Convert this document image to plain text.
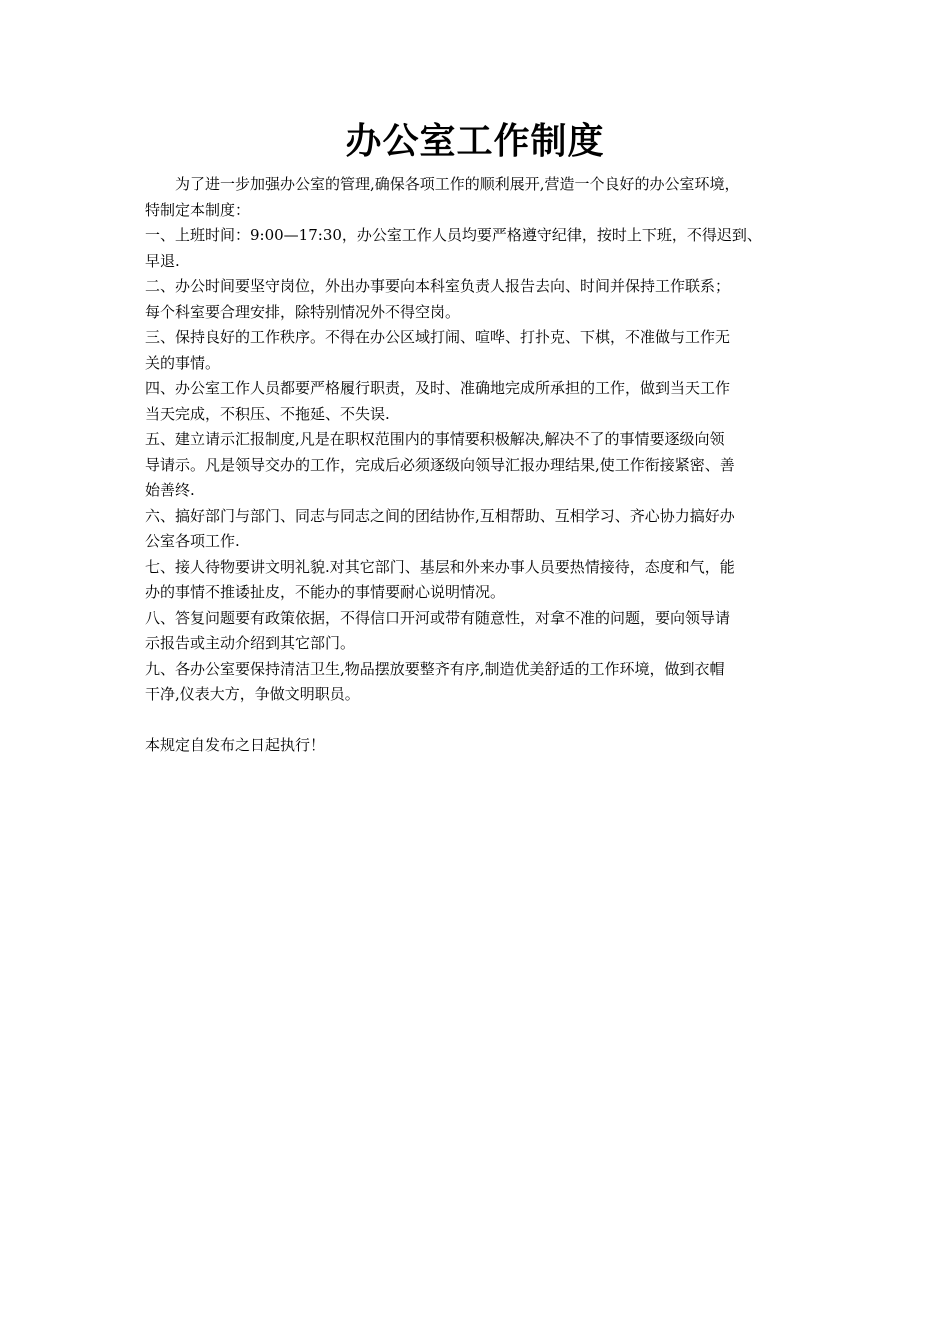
办公室工作制度
为了进一步加强办公室的管理,确保各项工作的顺利展开,营造一个良好的办公室环境，
特制定本制度：
一、上班时间：9:00—17:30，办公室工作人员均要严格遵守纪律，按时上下班，不得迟到、
早退.
二、办公时间要坚守岗位，外出办事要向本科室负责人报告去向、时间并保持工作联系；
每个科室要合理安排，除特别情况外不得空岗。
三、保持良好的工作秩序。不得在办公区域打闹、喧哗、打扑克、下棋，不准做与工作无
关的事情。
四、办公室工作人员都要严格履行职责，及时、准确地完成所承担的工作，做到当天工作
当天完成，不积压、不拖延、不失误.
五、建立请示汇报制度,凡是在职权范围内的事情要积极解决,解决不了的事情要逐级向领
导请示。凡是领导交办的工作，完成后必须逐级向领导汇报办理结果,使工作衔接紧密、善
始善终.
六、搞好部门与部门、同志与同志之间的团结协作,互相帮助、互相学习、齐心协力搞好办
公室各项工作.
七、接人待物要讲文明礼貌.对其它部门、基层和外来办事人员要热情接待，态度和气，能
办的事情不推诿扯皮，不能办的事情要耐心说明情况。
八、答复问题要有政策依据，不得信口开河或带有随意性，对拿不准的问题，要向领导请
示报告或主动介绍到其它部门。
九、各办公室要保持清洁卫生,物品摆放要整齐有序,制造优美舒适的工作环境，做到衣帽
干净,仪表大方，争做文明职员。
本规定自发布之日起执行！
